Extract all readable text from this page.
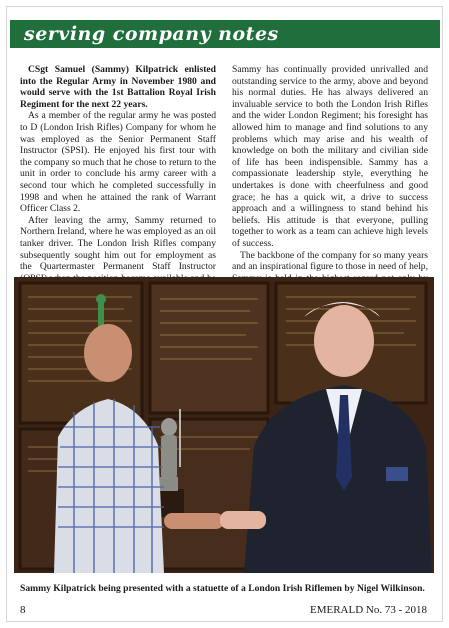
serving company notes

CSgt Samuel (Sammy) Kilpatrick enlisted into the Regular Army in November 1980 and would serve with the 1st Battalion Royal Irish Regiment for the next 22 years.

As a member of the regular army he was posted to D (London Irish Rifles) Company for whom he was employed as the Senior Permanent Staff Instructor (SPSI). He enjoyed his first tour with the company so much that he chose to return to the unit in order to conclude his army career with a second tour which he completed successfully in 1998 and when he attained the rank of Warrant Officer Class 2.

After leaving the army, Sammy returned to Northern Ireland, where he was employed as an oil tanker driver. The London Irish Rifles company subsequently sought him out for employment as the Quartermaster Permanent Staff Instructor

Sammy has continually provided unrivalled and outstanding service to the army, above and beyond his normal duties. He has always delivered an invaluable service to both the London Irish Rifles and the wider London Regiment; his foresight has allowed him to manage and find solutions to any problems which may arise and his wealth of knowledge on both the military and civilian side of life has been indispensible. Sammy has a compassionate leadership style, everything he undertakes is done with cheerfulness and good grace; he has a quick wit, a drive to success approach and a willingness to stand behind his beliefs. His attitude is that everyone, pulling together to work as a team can achieve high levels of success.

The backbone of the company for so many years and an inspirational figure to those in need of help,

Sammy Kilpatrick being presented with a statuette of a London Irish Riflemen by Nigel Wilkinson.
8	EMERALD No. 73 - 2018
